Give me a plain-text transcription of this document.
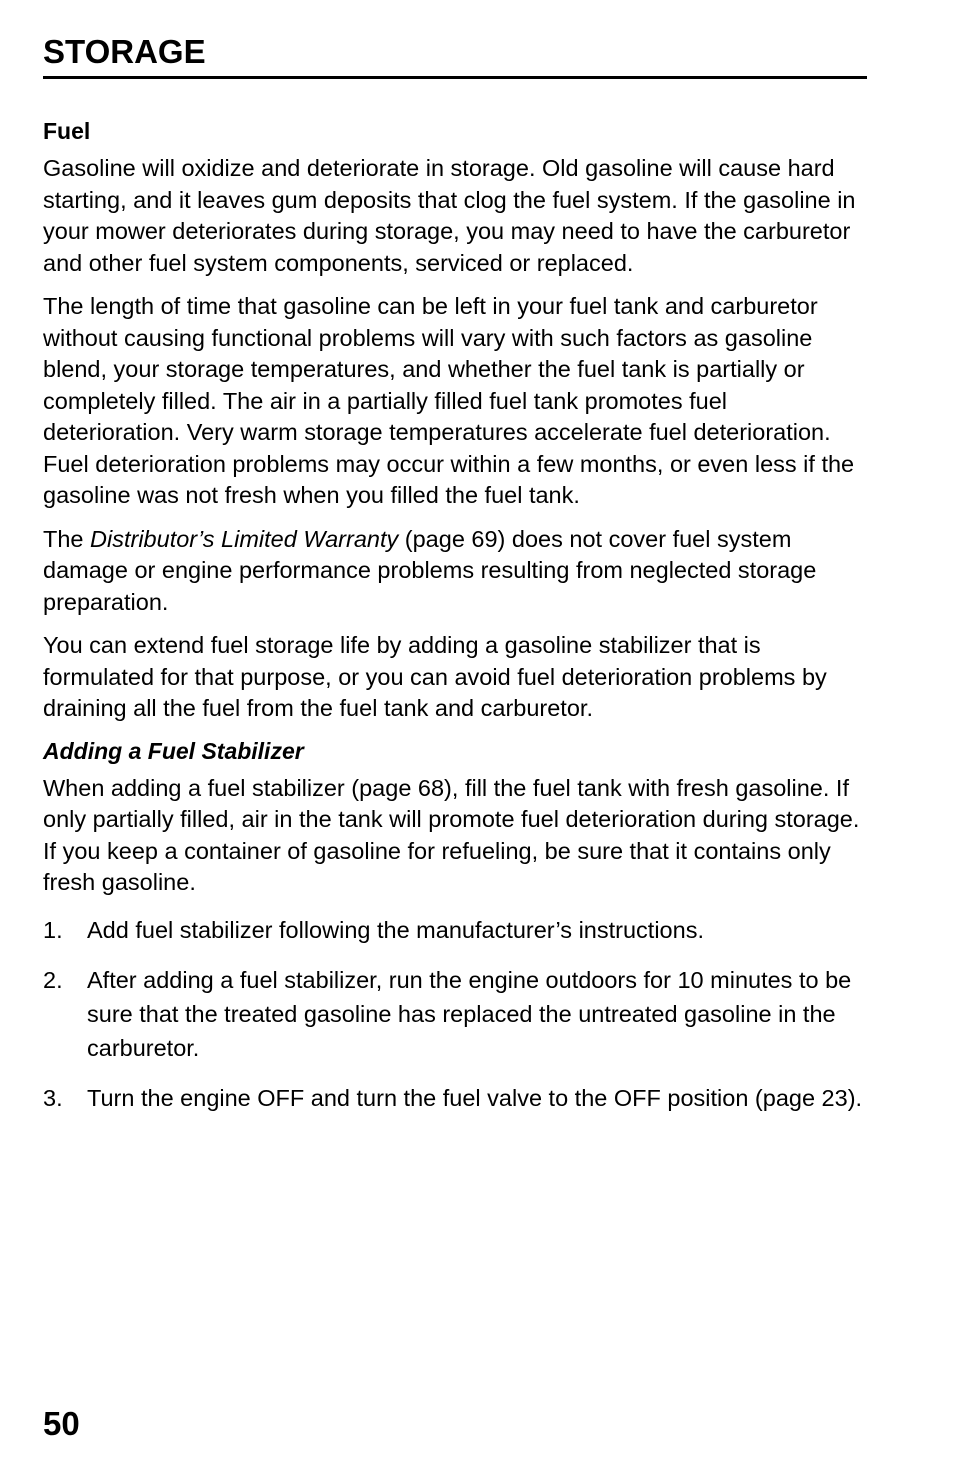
STORAGE
Fuel

Gasoline will oxidize and deteriorate in storage. Old gasoline will cause hard starting, and it leaves gum deposits that clog the fuel system. If the gasoline in your mower deteriorates during storage, you may need to have the carburetor and other fuel system components, serviced or replaced.

The length of time that gasoline can be left in your fuel tank and carburetor without causing functional problems will vary with such factors as gasoline blend, your storage temperatures, and whether the fuel tank is partially or completely filled. The air in a partially filled fuel tank promotes fuel deterioration. Very warm storage temperatures accelerate fuel deterioration. Fuel deterioration problems may occur within a few months, or even less if the gasoline was not fresh when you filled the fuel tank.

The Distributor’s Limited Warranty (page 69) does not cover fuel system damage or engine performance problems resulting from neglected storage preparation.

You can extend fuel storage life by adding a gasoline stabilizer that is formulated for that purpose, or you can avoid fuel deterioration problems by draining all the fuel from the fuel tank and carburetor.

Adding a Fuel Stabilizer

When adding a fuel stabilizer (page 68), fill the fuel tank with fresh gasoline. If only partially filled, air in the tank will promote fuel deterioration during storage. If you keep a container of gasoline for refueling, be sure that it contains only fresh gasoline.

1.	Add fuel stabilizer following the manufacturer’s instructions.
2.	After adding a fuel stabilizer, run the engine outdoors for 10 minutes to be sure that the treated gasoline has replaced the untreated gasoline in the carburetor.
3.	Turn the engine OFF and turn the fuel valve to the OFF position (page 23).
50
